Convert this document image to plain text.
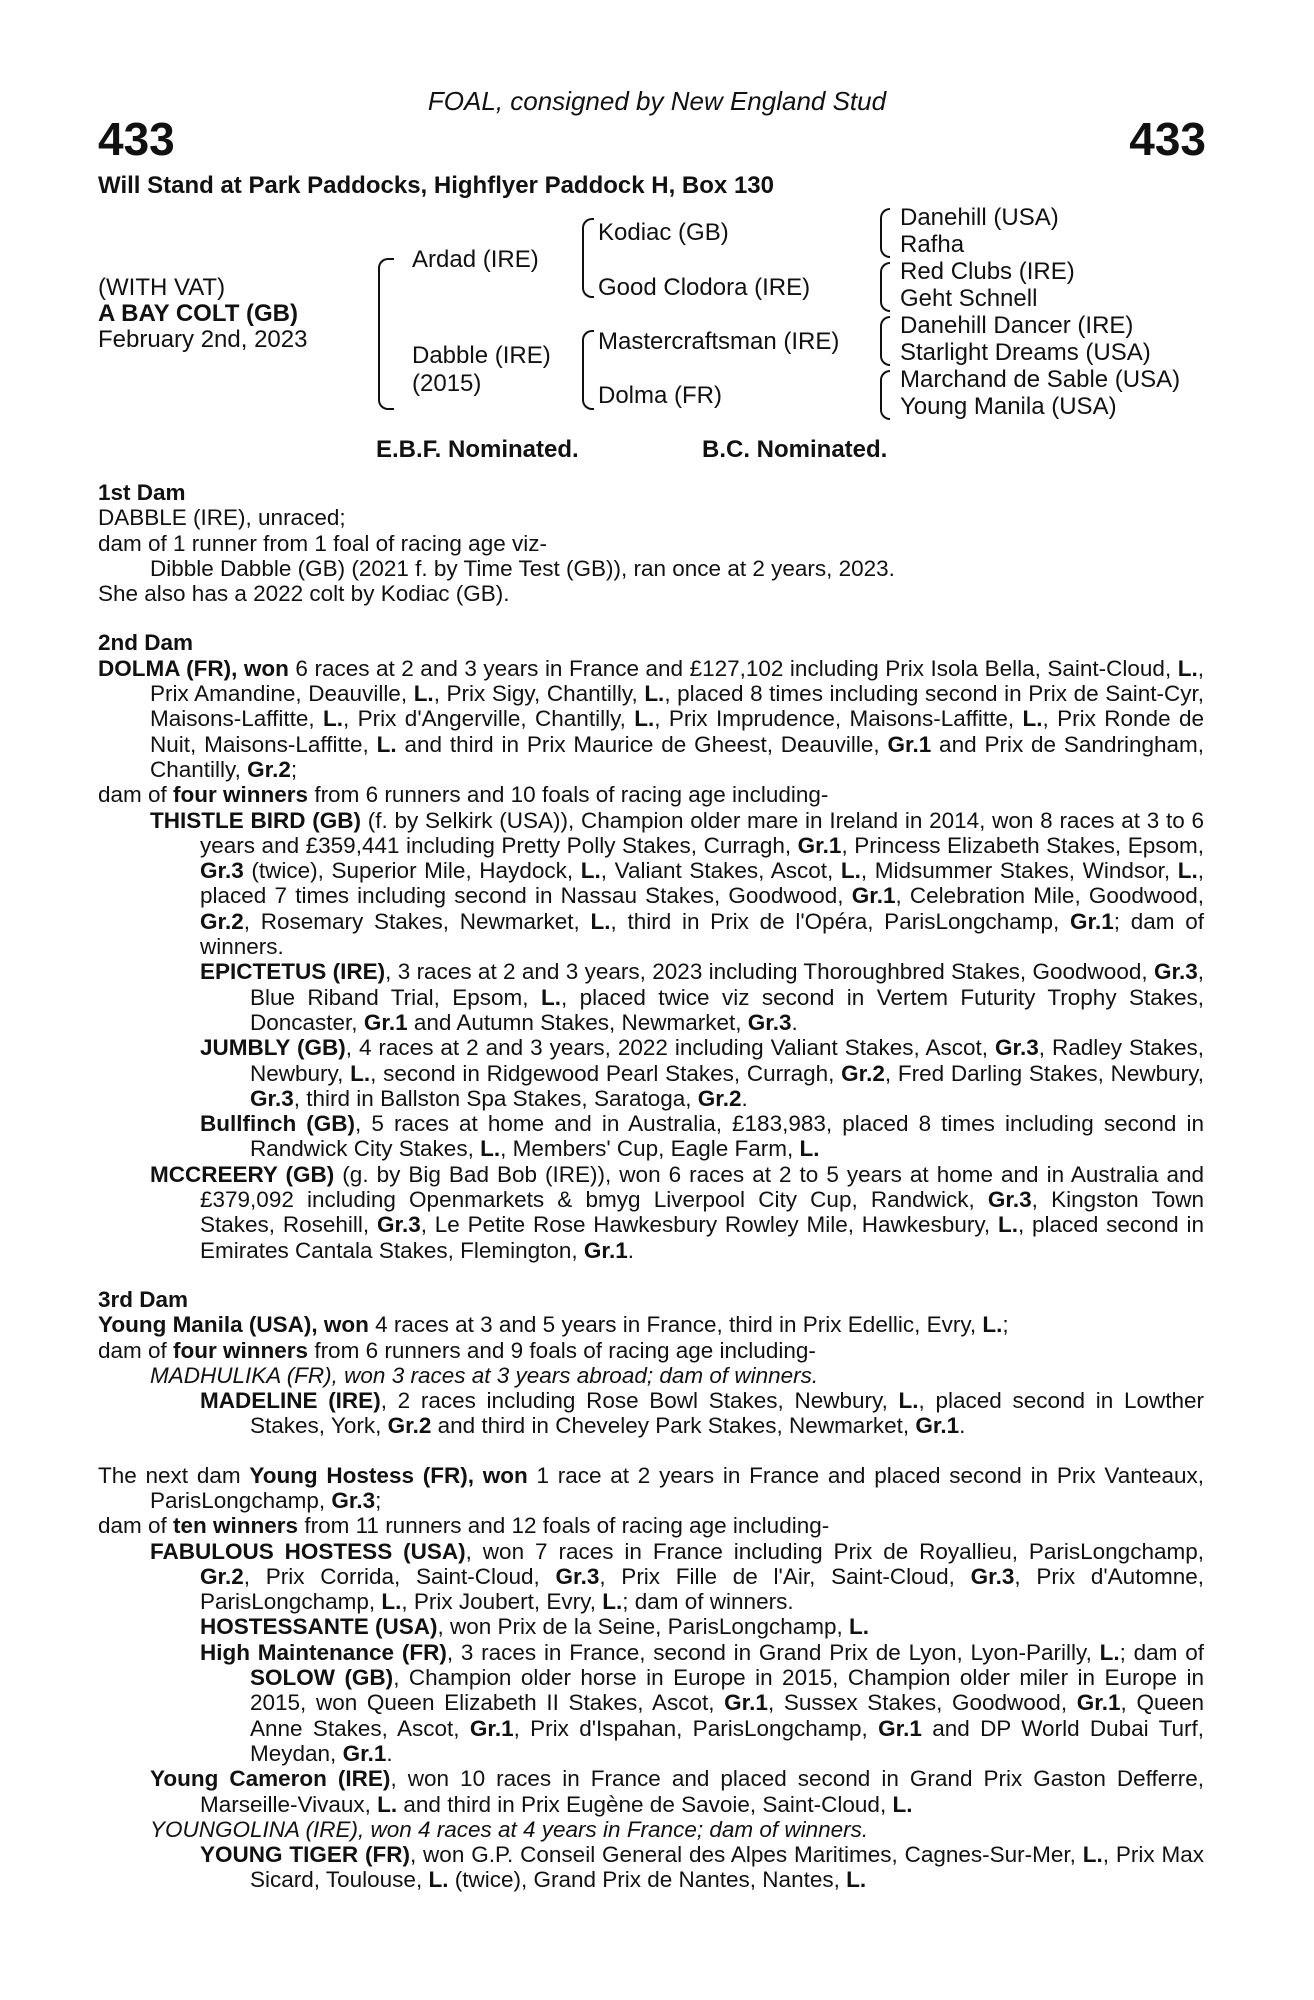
FOAL, consigned by New England Stud
433	433
Will Stand at Park Paddocks, Highflyer Paddock H, Box 130
(WITH VAT)
A BAY COLT (GB)
February 2nd, 2023
Ardad (IRE)
Dabble (IRE)
(2015)
Kodiac (GB)
Good Clodora (IRE)
Mastercraftsman (IRE)
Dolma (FR)
Danehill (USA)
Rafha
Red Clubs (IRE)
Geht Schnell
Danehill Dancer (IRE)
Starlight Dreams (USA)
Marchand de Sable (USA)
Young Manila (USA)
E.B.F. Nominated.	B.C. Nominated.
1st Dam
DABBLE (IRE), unraced;
dam of 1 runner from 1 foal of racing age viz-
Dibble Dabble (GB) (2021 f. by Time Test (GB)), ran once at 2 years, 2023.
She also has a 2022 colt by Kodiac (GB).
2nd Dam
DOLMA (FR), won 6 races at 2 and 3 years in France and £127,102 including Prix Isola Bella, Saint-Cloud, L., Prix Amandine, Deauville, L., Prix Sigy, Chantilly, L., placed 8 times including second in Prix de Saint-Cyr, Maisons-Laffitte, L., Prix d'Angerville, Chantilly, L., Prix Imprudence, Maisons-Laffitte, L., Prix Ronde de Nuit, Maisons-Laffitte, L. and third in Prix Maurice de Gheest, Deauville, Gr.1 and Prix de Sandringham, Chantilly, Gr.2;
dam of four winners from 6 runners and 10 foals of racing age including-
THISTLE BIRD (GB) (f. by Selkirk (USA)), Champion older mare in Ireland in 2014, won 8 races at 3 to 6 years and £359,441 including Pretty Polly Stakes, Curragh, Gr.1, Princess Elizabeth Stakes, Epsom, Gr.3 (twice), Superior Mile, Haydock, L., Valiant Stakes, Ascot, L., Midsummer Stakes, Windsor, L., placed 7 times including second in Nassau Stakes, Goodwood, Gr.1, Celebration Mile, Goodwood, Gr.2, Rosemary Stakes, Newmarket, L., third in Prix de l'Opéra, ParisLongchamp, Gr.1; dam of winners.
EPICTETUS (IRE), 3 races at 2 and 3 years, 2023 including Thoroughbred Stakes, Goodwood, Gr.3, Blue Riband Trial, Epsom, L., placed twice viz second in Vertem Futurity Trophy Stakes, Doncaster, Gr.1 and Autumn Stakes, Newmarket, Gr.3.
JUMBLY (GB), 4 races at 2 and 3 years, 2022 including Valiant Stakes, Ascot, Gr.3, Radley Stakes, Newbury, L., second in Ridgewood Pearl Stakes, Curragh, Gr.2, Fred Darling Stakes, Newbury, Gr.3, third in Ballston Spa Stakes, Saratoga, Gr.2.
Bullfinch (GB), 5 races at home and in Australia, £183,983, placed 8 times including second in Randwick City Stakes, L., Members' Cup, Eagle Farm, L.
MCCREERY (GB) (g. by Big Bad Bob (IRE)), won 6 races at 2 to 5 years at home and in Australia and £379,092 including Openmarkets & bmyg Liverpool City Cup, Randwick, Gr.3, Kingston Town Stakes, Rosehill, Gr.3, Le Petite Rose Hawkesbury Rowley Mile, Hawkesbury, L., placed second in Emirates Cantala Stakes, Flemington, Gr.1.
3rd Dam
Young Manila (USA), won 4 races at 3 and 5 years in France, third in Prix Edellic, Evry, L.;
dam of four winners from 6 runners and 9 foals of racing age including-
MADHULIKA (FR), won 3 races at 3 years abroad; dam of winners.
MADELINE (IRE), 2 races including Rose Bowl Stakes, Newbury, L., placed second in Lowther Stakes, York, Gr.2 and third in Cheveley Park Stakes, Newmarket, Gr.1.
The next dam Young Hostess (FR), won 1 race at 2 years in France and placed second in Prix Vanteaux, ParisLongchamp, Gr.3;
dam of ten winners from 11 runners and 12 foals of racing age including-
FABULOUS HOSTESS (USA), won 7 races in France including Prix de Royallieu, ParisLongchamp, Gr.2, Prix Corrida, Saint-Cloud, Gr.3, Prix Fille de l'Air, Saint-Cloud, Gr.3, Prix d'Automne, ParisLongchamp, L., Prix Joubert, Evry, L.; dam of winners.
HOSTESSANTE (USA), won Prix de la Seine, ParisLongchamp, L.
High Maintenance (FR), 3 races in France, second in Grand Prix de Lyon, Lyon-Parilly, L.; dam of SOLOW (GB), Champion older horse in Europe in 2015, Champion older miler in Europe in 2015, won Queen Elizabeth II Stakes, Ascot, Gr.1, Sussex Stakes, Goodwood, Gr.1, Queen Anne Stakes, Ascot, Gr.1, Prix d'Ispahan, ParisLongchamp, Gr.1 and DP World Dubai Turf, Meydan, Gr.1.
Young Cameron (IRE), won 10 races in France and placed second in Grand Prix Gaston Defferre, Marseille-Vivaux, L. and third in Prix Eugène de Savoie, Saint-Cloud, L.
YOUNGOLINA (IRE), won 4 races at 4 years in France; dam of winners.
YOUNG TIGER (FR), won G.P. Conseil General des Alpes Maritimes, Cagnes-Sur-Mer, L., Prix Max Sicard, Toulouse, L. (twice), Grand Prix de Nantes, Nantes, L.
